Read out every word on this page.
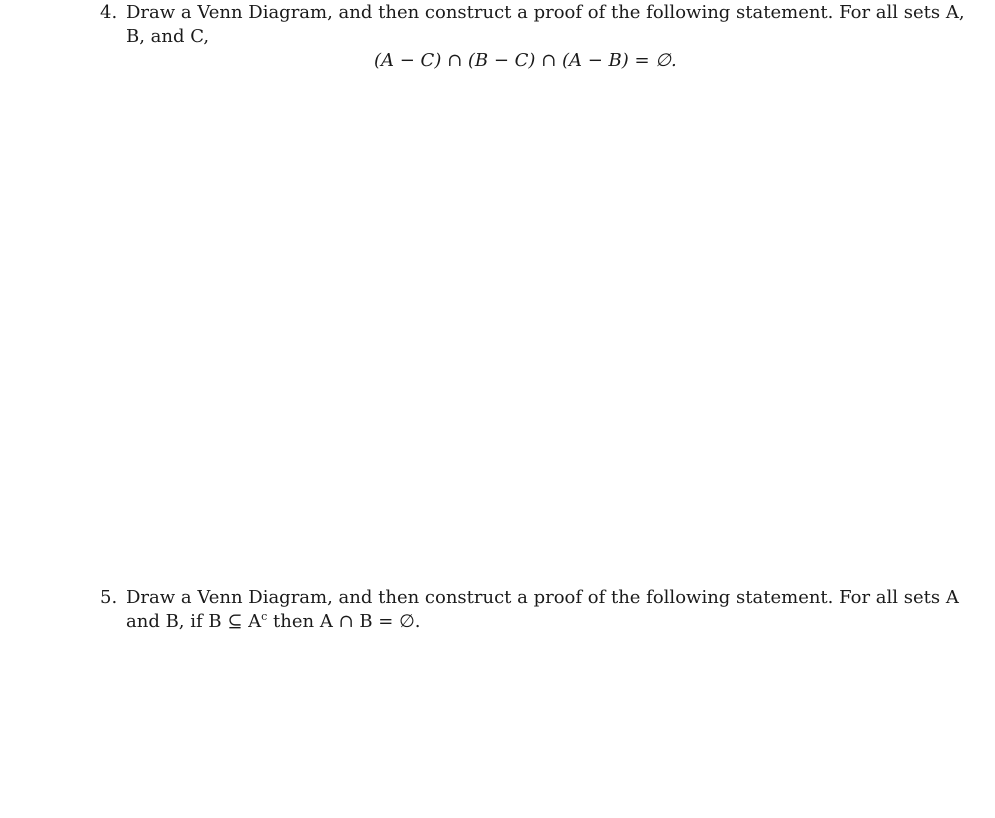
4. Draw a Venn Diagram, and then construct a proof of the following statement. For all sets A,
B, and C,
(A − C) ∩ (B − C) ∩ (A − B) = ∅.
5. Draw a Venn Diagram, and then construct a proof of the following statement. For all sets A
and B, if B ⊆ $A^c$ then A ∩ B = ∅.
